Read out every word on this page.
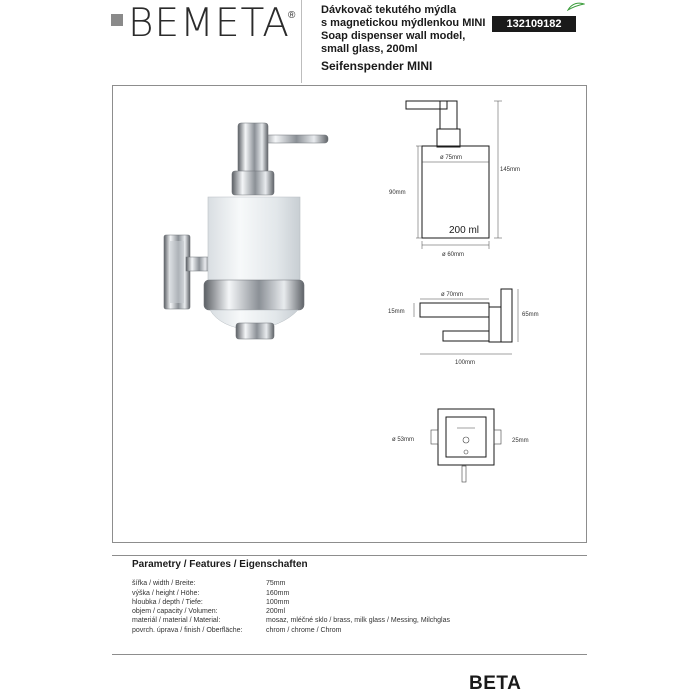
BEMETA
® Dávkovač tekutého mýdla
s magnetickou mýdlenkou MINI
Soap dispenser wall model,
small glass, 200ml
Seifenspender MINI
132109182
ø 75mm
145mm
90mm
200 ml
ø 60mm
ø 70mm
15mm	65mm
100mm
ø 53mm	25mm
Parametry / Features / Eigenschaften
šířka / width / Breite:	75mm
výška / height / Höhe:	160mm
hloubka / depth / Tiefe:	100mm
objem / capacity / Volumen:	200ml
materiál / material / Material:	mosaz, mléčné sklo / brass, milk glass / Messing, Milchglas
povrch. úprava / finish / Oberfläche:	chrom / chrome / Chrom
BETA
